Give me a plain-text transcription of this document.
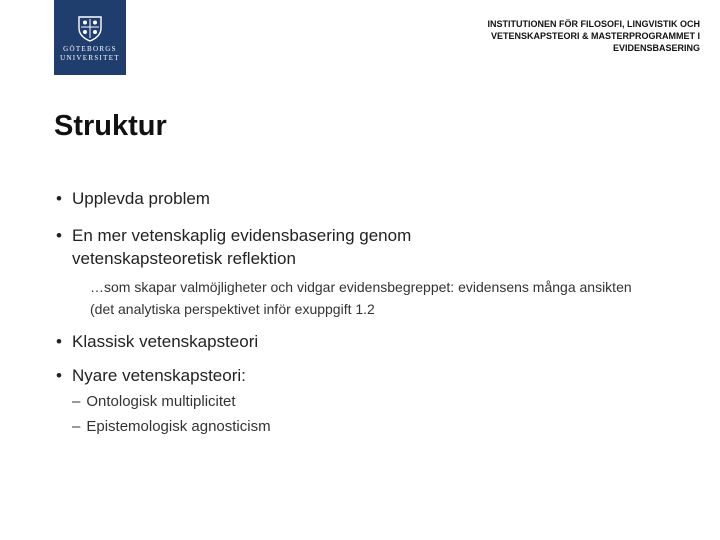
GÖTEBORGS
UNIVERSITET
INSTITUTIONEN FÖR FILOSOFI, LINGVISTIK OCH VETENSKAPSTEORI & MASTERPROGRAMMET I EVIDENSBASERING
Struktur
• Upplevda problem
• En mer vetenskaplig evidensbasering genom
vetenskapsteoretisk reflektion
…som skapar valmöjligheter och vidgar evidensbegreppet: evidensens många ansikten (det analytiska perspektivet inför exuppgift 1.2
• Klassisk vetenskapsteori
• Nyare vetenskapsteori:
– Ontologisk multiplicitet
– Epistemologisk agnosticism
